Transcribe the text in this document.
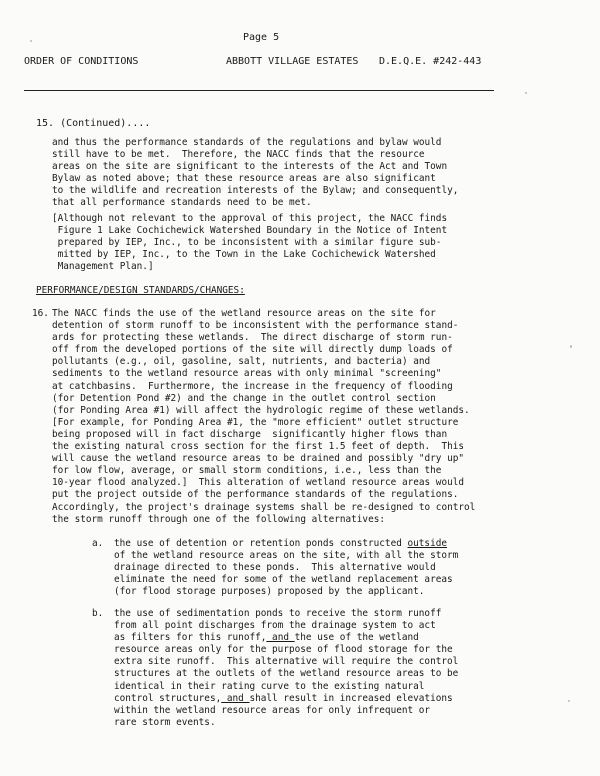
Page 5
ORDER OF CONDITIONS	ABBOTT VILLAGE ESTATES D.E.Q.E. #242-443
15. (Continued)....
and thus the performance standards of the regulations and bylaw would
still have to be met.  Therefore, the NACC finds that the resource
areas on the site are significant to the interests of the Act and Town
Bylaw as noted above; that these resource areas are also significant
to the wildlife and recreation interests of the Bylaw; and consequently,
that all performance standards need to be met.
[Although not relevant to the approval of this project, the NACC finds
Figure 1 Lake Cochichewick Watershed Boundary in the Notice of Intent
prepared by IEP, Inc., to be inconsistent with a similar figure sub-
mitted by IEP, Inc., to the Town in the Lake Cochichewick Watershed
Management Plan.]
PERFORMANCE/DESIGN STANDARDS/CHANGES:
16. The NACC finds the use of the wetland resource areas on the site for
detention of storm runoff to be inconsistent with the performance stand-
ards for protecting these wetlands.  The direct discharge of storm run-
off from the developed portions of the site will directly dump loads of
pollutants (e.g., oil, gasoline, salt, nutrients, and bacteria) and
sediments to the wetland resource areas with only minimal "screening"
at catchbasins.  Furthermore, the increase in the frequency of flooding
(for Detention Pond #2) and the change in the outlet control section
(for Ponding Area #1) will affect the hydrologic regime of these wetlands.
[For example, for Ponding Area #1, the "more efficient" outlet structure
being proposed will in fact discharge  significantly higher flows than
the existing natural cross section for the first 1.5 feet of depth.  This
will cause the wetland resource areas to be drained and possibly "dry up"
for low flow, average, or small storm conditions, i.e., less than the
10-year flood analyzed.]  This alteration of wetland resource areas would
put the project outside of the performance standards of the regulations.
Accordingly, the project's drainage systems shall be re-designed to control
the storm runoff through one of the following alternatives:
a. the use of detention or retention ponds constructed outside
of the wetland resource areas on the site, with all the storm
drainage directed to these ponds.  This alternative would
eliminate the need for some of the wetland replacement areas
(for flood storage purposes) proposed by the applicant.
b. the use of sedimentation ponds to receive the storm runoff
from all point discharges from the drainage system to act
as filters for this runoff, and the use of the wetland
resource areas only for the purpose of flood storage for the
extra site runoff.  This alternative will require the control
structures at the outlets of the wetland resource areas to be
identical in their rating curve to the existing natural
control structures, and shall result in increased elevations
within the wetland resource areas for only infrequent or
rare storm events.
